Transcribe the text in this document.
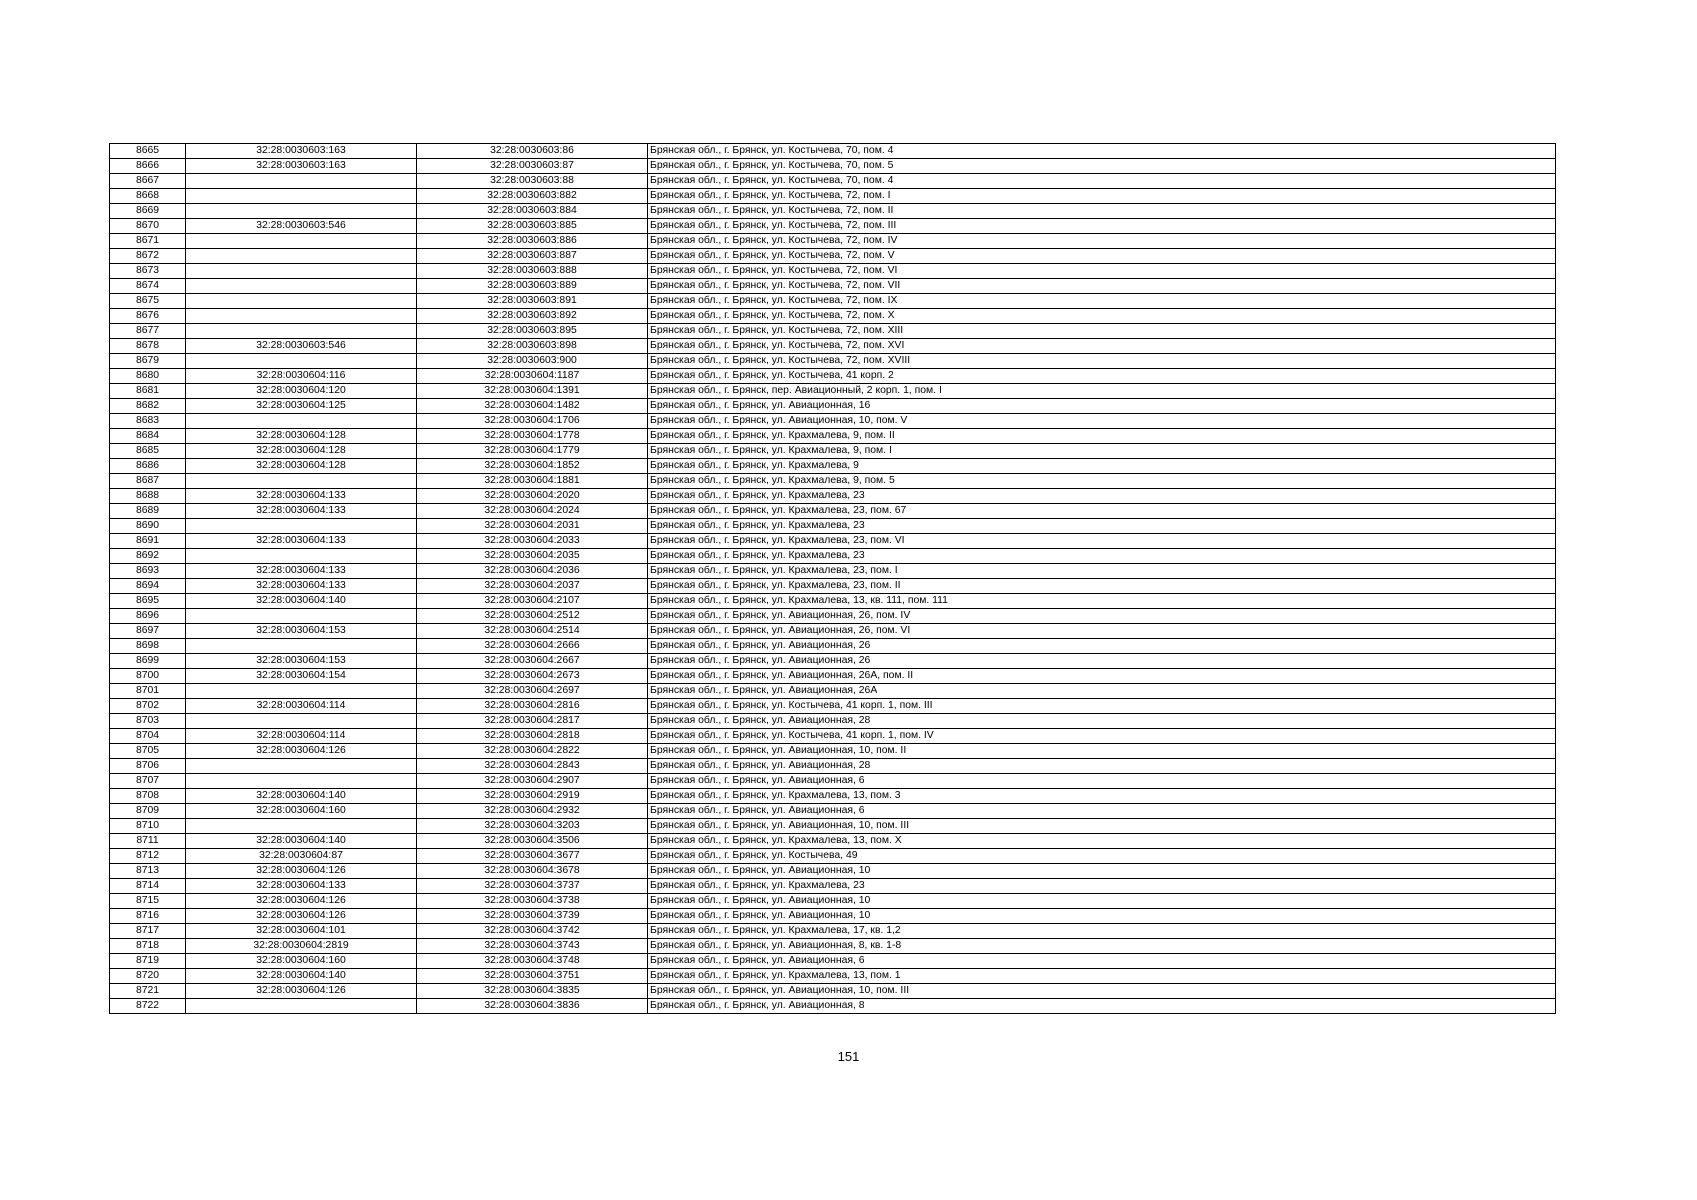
8665	32:28:0030603:163	32:28:0030603:86	Брянская обл., г. Брянск, ул. Костычева, 70, пом. 4
8666	32:28:0030603:163	32:28:0030603:87	Брянская обл., г. Брянск, ул. Костычева, 70, пом. 5
8667		32:28:0030603:88	Брянская обл., г. Брянск, ул. Костычева, 70, пом. 4
8668		32:28:0030603:882	Брянская обл., г. Брянск, ул. Костычева, 72, пом. I
8669		32:28:0030603:884	Брянская обл., г. Брянск, ул. Костычева, 72, пом. II
8670	32:28:0030603:546	32:28:0030603:885	Брянская обл., г. Брянск, ул. Костычева, 72, пом. III
8671		32:28:0030603:886	Брянская обл., г. Брянск, ул. Костычева, 72, пом. IV
8672		32:28:0030603:887	Брянская обл., г. Брянск, ул. Костычева, 72, пом. V
8673		32:28:0030603:888	Брянская обл., г. Брянск, ул. Костычева, 72, пом. VI
8674		32:28:0030603:889	Брянская обл., г. Брянск, ул. Костычева, 72, пом. VII
8675		32:28:0030603:891	Брянская обл., г. Брянск, ул. Костычева, 72, пом. IX
8676		32:28:0030603:892	Брянская обл., г. Брянск, ул. Костычева, 72, пом. X
8677		32:28:0030603:895	Брянская обл., г. Брянск, ул. Костычева, 72, пом. XIII
8678	32:28:0030603:546	32:28:0030603:898	Брянская обл., г. Брянск, ул. Костычева, 72, пом. XVI
8679		32:28:0030603:900	Брянская обл., г. Брянск, ул. Костычева, 72, пом. XVIII
8680	32:28:0030604:116	32:28:0030604:1187	Брянская обл., г. Брянск, ул. Костычева, 41 корп. 2
8681	32:28:0030604:120	32:28:0030604:1391	Брянская обл., г. Брянск, пер. Авиационный, 2 корп. 1, пом. I
8682	32:28:0030604:125	32:28:0030604:1482	Брянская обл., г. Брянск, ул. Авиационная, 16
8683		32:28:0030604:1706	Брянская обл., г. Брянск, ул. Авиационная, 10, пом. V
8684	32:28:0030604:128	32:28:0030604:1778	Брянская обл., г. Брянск, ул. Крахмалева, 9, пом. II
8685	32:28:0030604:128	32:28:0030604:1779	Брянская обл., г. Брянск, ул. Крахмалева, 9, пом. I
8686	32:28:0030604:128	32:28:0030604:1852	Брянская обл., г. Брянск, ул. Крахмалева, 9
8687		32:28:0030604:1881	Брянская обл., г. Брянск, ул. Крахмалева, 9, пом. 5
8688	32:28:0030604:133	32:28:0030604:2020	Брянская обл., г. Брянск, ул. Крахмалева, 23
8689	32:28:0030604:133	32:28:0030604:2024	Брянская обл., г. Брянск, ул. Крахмалева, 23, пом. 67
8690		32:28:0030604:2031	Брянская обл., г. Брянск, ул. Крахмалева, 23
8691	32:28:0030604:133	32:28:0030604:2033	Брянская обл., г. Брянск, ул. Крахмалева, 23, пом. VI
8692		32:28:0030604:2035	Брянская обл., г. Брянск, ул. Крахмалева, 23
8693	32:28:0030604:133	32:28:0030604:2036	Брянская обл., г. Брянск, ул. Крахмалева, 23, пом. I
8694	32:28:0030604:133	32:28:0030604:2037	Брянская обл., г. Брянск, ул. Крахмалева, 23, пом. II
8695	32:28:0030604:140	32:28:0030604:2107	Брянская обл., г. Брянск, ул. Крахмалева, 13, кв. 111, пом. 111
8696		32:28:0030604:2512	Брянская обл., г. Брянск, ул. Авиационная, 26, пом. IV
8697	32:28:0030604:153	32:28:0030604:2514	Брянская обл., г. Брянск, ул. Авиационная, 26, пом. VI
8698		32:28:0030604:2666	Брянская обл., г. Брянск, ул. Авиационная, 26
8699	32:28:0030604:153	32:28:0030604:2667	Брянская обл., г. Брянск, ул. Авиационная, 26
8700	32:28:0030604:154	32:28:0030604:2673	Брянская обл., г. Брянск, ул. Авиационная, 26А, пом. II
8701		32:28:0030604:2697	Брянская обл., г. Брянск, ул. Авиационная, 26А
8702	32:28:0030604:114	32:28:0030604:2816	Брянская обл., г. Брянск, ул. Костычева, 41 корп. 1, пом. III
8703		32:28:0030604:2817	Брянская обл., г. Брянск, ул. Авиационная, 28
8704	32:28:0030604:114	32:28:0030604:2818	Брянская обл., г. Брянск, ул. Костычева, 41 корп. 1, пом. IV
8705	32:28:0030604:126	32:28:0030604:2822	Брянская обл., г. Брянск, ул. Авиационная, 10, пом. II
8706		32:28:0030604:2843	Брянская обл., г. Брянск, ул. Авиационная, 28
8707		32:28:0030604:2907	Брянская обл., г. Брянск, ул. Авиационная, 6
8708	32:28:0030604:140	32:28:0030604:2919	Брянская обл., г. Брянск, ул. Крахмалева, 13, пом. 3
8709	32:28:0030604:160	32:28:0030604:2932	Брянская обл., г. Брянск, ул. Авиационная, 6
8710		32:28:0030604:3203	Брянская обл., г. Брянск, ул. Авиационная, 10, пом. III
8711	32:28:0030604:140	32:28:0030604:3506	Брянская обл., г. Брянск, ул. Крахмалева, 13, пом. X
8712	32:28:0030604:87	32:28:0030604:3677	Брянская обл., г. Брянск, ул. Костычева, 49
8713	32:28:0030604:126	32:28:0030604:3678	Брянская обл., г. Брянск, ул. Авиационная, 10
8714	32:28:0030604:133	32:28:0030604:3737	Брянская обл., г. Брянск, ул. Крахмалева, 23
8715	32:28:0030604:126	32:28:0030604:3738	Брянская обл., г. Брянск, ул. Авиационная, 10
8716	32:28:0030604:126	32:28:0030604:3739	Брянская обл., г. Брянск, ул. Авиационная, 10
8717	32:28:0030604:101	32:28:0030604:3742	Брянская обл., г. Брянск, ул. Крахмалева, 17, кв. 1,2
8718	32:28:0030604:2819	32:28:0030604:3743	Брянская обл., г. Брянск, ул. Авиационная, 8, кв. 1-8
8719	32:28:0030604:160	32:28:0030604:3748	Брянская обл., г. Брянск, ул. Авиационная, 6
8720	32:28:0030604:140	32:28:0030604:3751	Брянская обл., г. Брянск, ул. Крахмалева, 13, пом. 1
8721	32:28:0030604:126	32:28:0030604:3835	Брянская обл., г. Брянск, ул. Авиационная, 10, пом. III
8722		32:28:0030604:3836	Брянская обл., г. Брянск, ул. Авиационная, 8
151
